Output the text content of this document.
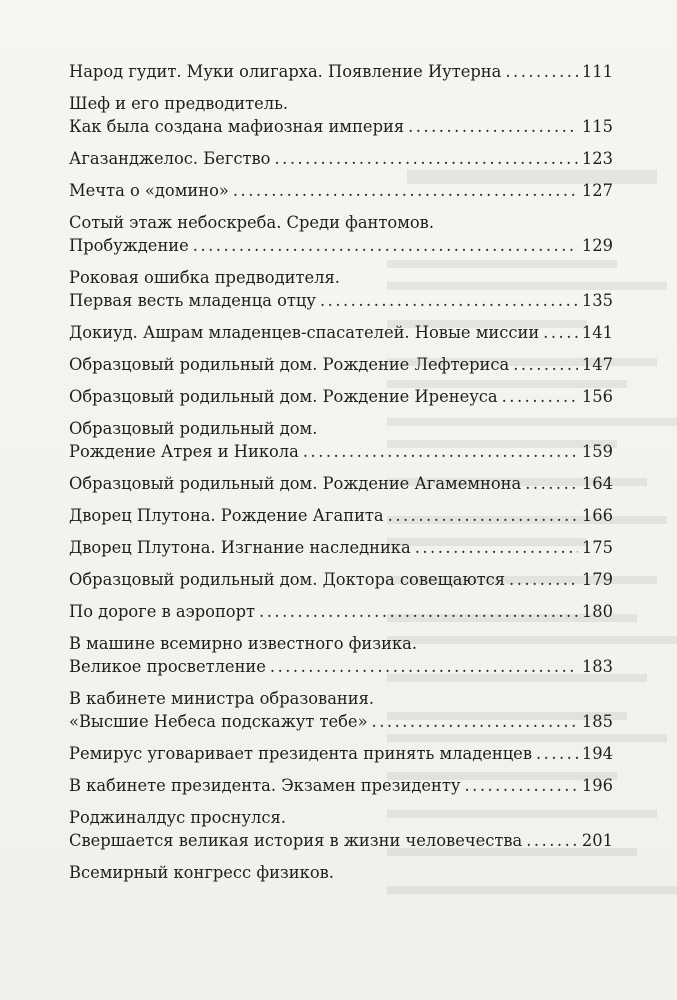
Народ гудит. Муки олигарха. Появление Иутерна .....	111
Шеф и его предводитель.
Как была создана мафиозная империя .....	115
Агазанджелос. Бегство .....	123
Мечта о «домино» .....	127
Сотый этаж небоскреба. Среди фантомов.
Пробуждение .....	129
Роковая ошибка предводителя.
Первая весть младенца отцу .....	135
Докиуд. Ашрам младенцев-спасателей. Новые миссии .....	141
Образцовый родильный дом. Рождение Лефтериса .....	147
Образцовый родильный дом. Рождение Иренеуса .....	156
Образцовый родильный дом.
Рождение Атрея и Никола .....	159
Образцовый родильный дом. Рождение Агамемнона .....	164
Дворец Плутона. Рождение Агапита .....	166
Дворец Плутона. Изгнание наследника .....	175
Образцовый родильный дом. Доктора совещаются .....	179
По дороге в аэропорт .....	180
В машине всемирно известного физика.
Великое просветление .....	183
В кабинете министра образования.
«Высшие Небеса подскажут тебе» .....	185
Ремирус уговаривает президента принять младенцев .....	194
В кабинете президента. Экзамен президенту .....	196
Роджиналдус проснулся.
Свершается великая история в жизни человечества .....	201
Всемирный конгресс физиков.
